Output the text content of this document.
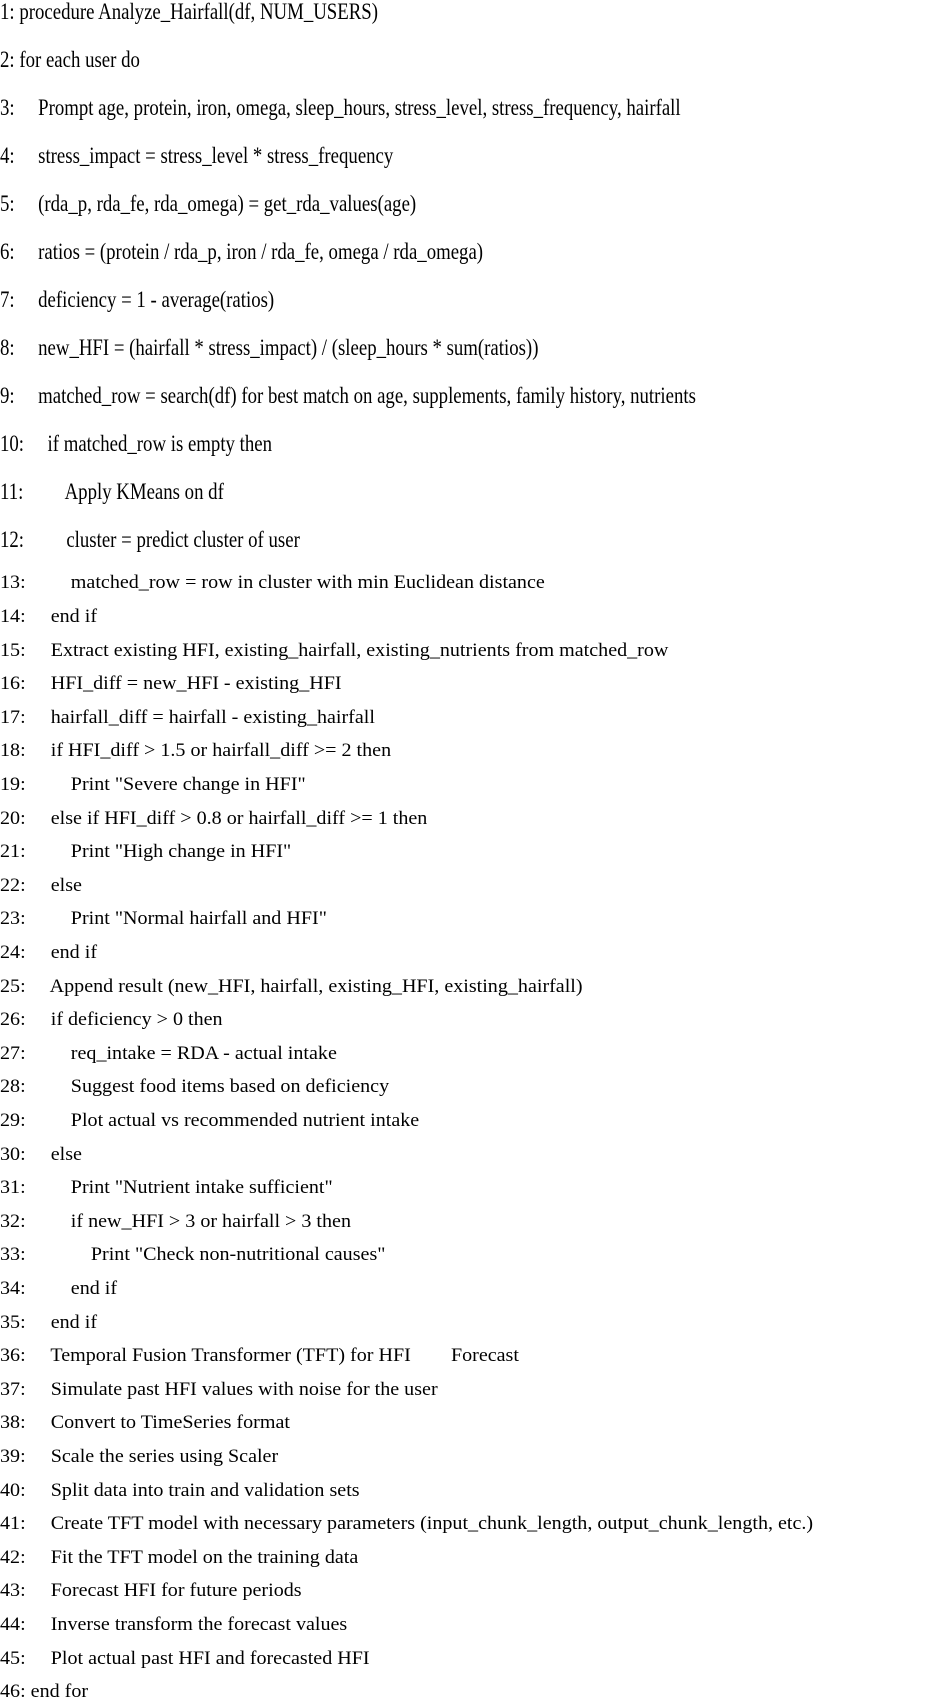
1: procedure Analyze_Hairfall(df, NUM_USERS)
2: for each user do
3:     Prompt age, protein, iron, omega, sleep_hours, stress_level, stress_frequency, hairfall
4:     stress_impact = stress_level * stress_frequency
5:     (rda_p, rda_fe, rda_omega) = get_rda_values(age)
6:     ratios = (protein / rda_p, iron / rda_fe, omega / rda_omega)
7:     deficiency = 1 - average(ratios)
8:     new_HFI = (hairfall * stress_impact) / (sleep_hours * sum(ratios))
9:     matched_row = search(df) for best match on age, supplements, family history, nutrients
10:     if matched_row is empty then
11:         Apply KMeans on df
12:         cluster = predict cluster of user
13:         matched_row = row in cluster with min Euclidean distance
14:     end if
15:     Extract existing HFI, existing_hairfall, existing_nutrients from matched_row
16:     HFI_diff = new_HFI - existing_HFI
17:     hairfall_diff = hairfall - existing_hairfall
18:     if HFI_diff > 1.5 or hairfall_diff >= 2 then
19:         Print "Severe change in HFI"
20:     else if HFI_diff > 0.8 or hairfall_diff >= 1 then
21:         Print "High change in HFI"
22:     else
23:         Print "Normal hairfall and HFI"
24:     end if
25:     Append result (new_HFI, hairfall, existing_HFI, existing_hairfall)
26:     if deficiency > 0 then
27:         req_intake = RDA - actual intake
28:         Suggest food items based on deficiency
29:         Plot actual vs recommended nutrient intake
30:     else
31:         Print "Nutrient intake sufficient"
32:         if new_HFI > 3 or hairfall > 3 then
33:             Print "Check non-nutritional causes"
34:         end if
35:     end if
36:     Temporal Fusion Transformer (TFT) for HFI        Forecast
37:     Simulate past HFI values with noise for the user
38:     Convert to TimeSeries format
39:     Scale the series using Scaler
40:     Split data into train and validation sets
41:     Create TFT model with necessary parameters (input_chunk_length, output_chunk_length, etc.)
42:     Fit the TFT model on the training data
43:     Forecast HFI for future periods
44:     Inverse transform the forecast values
45:     Plot actual past HFI and forecasted HFI
46: end for
